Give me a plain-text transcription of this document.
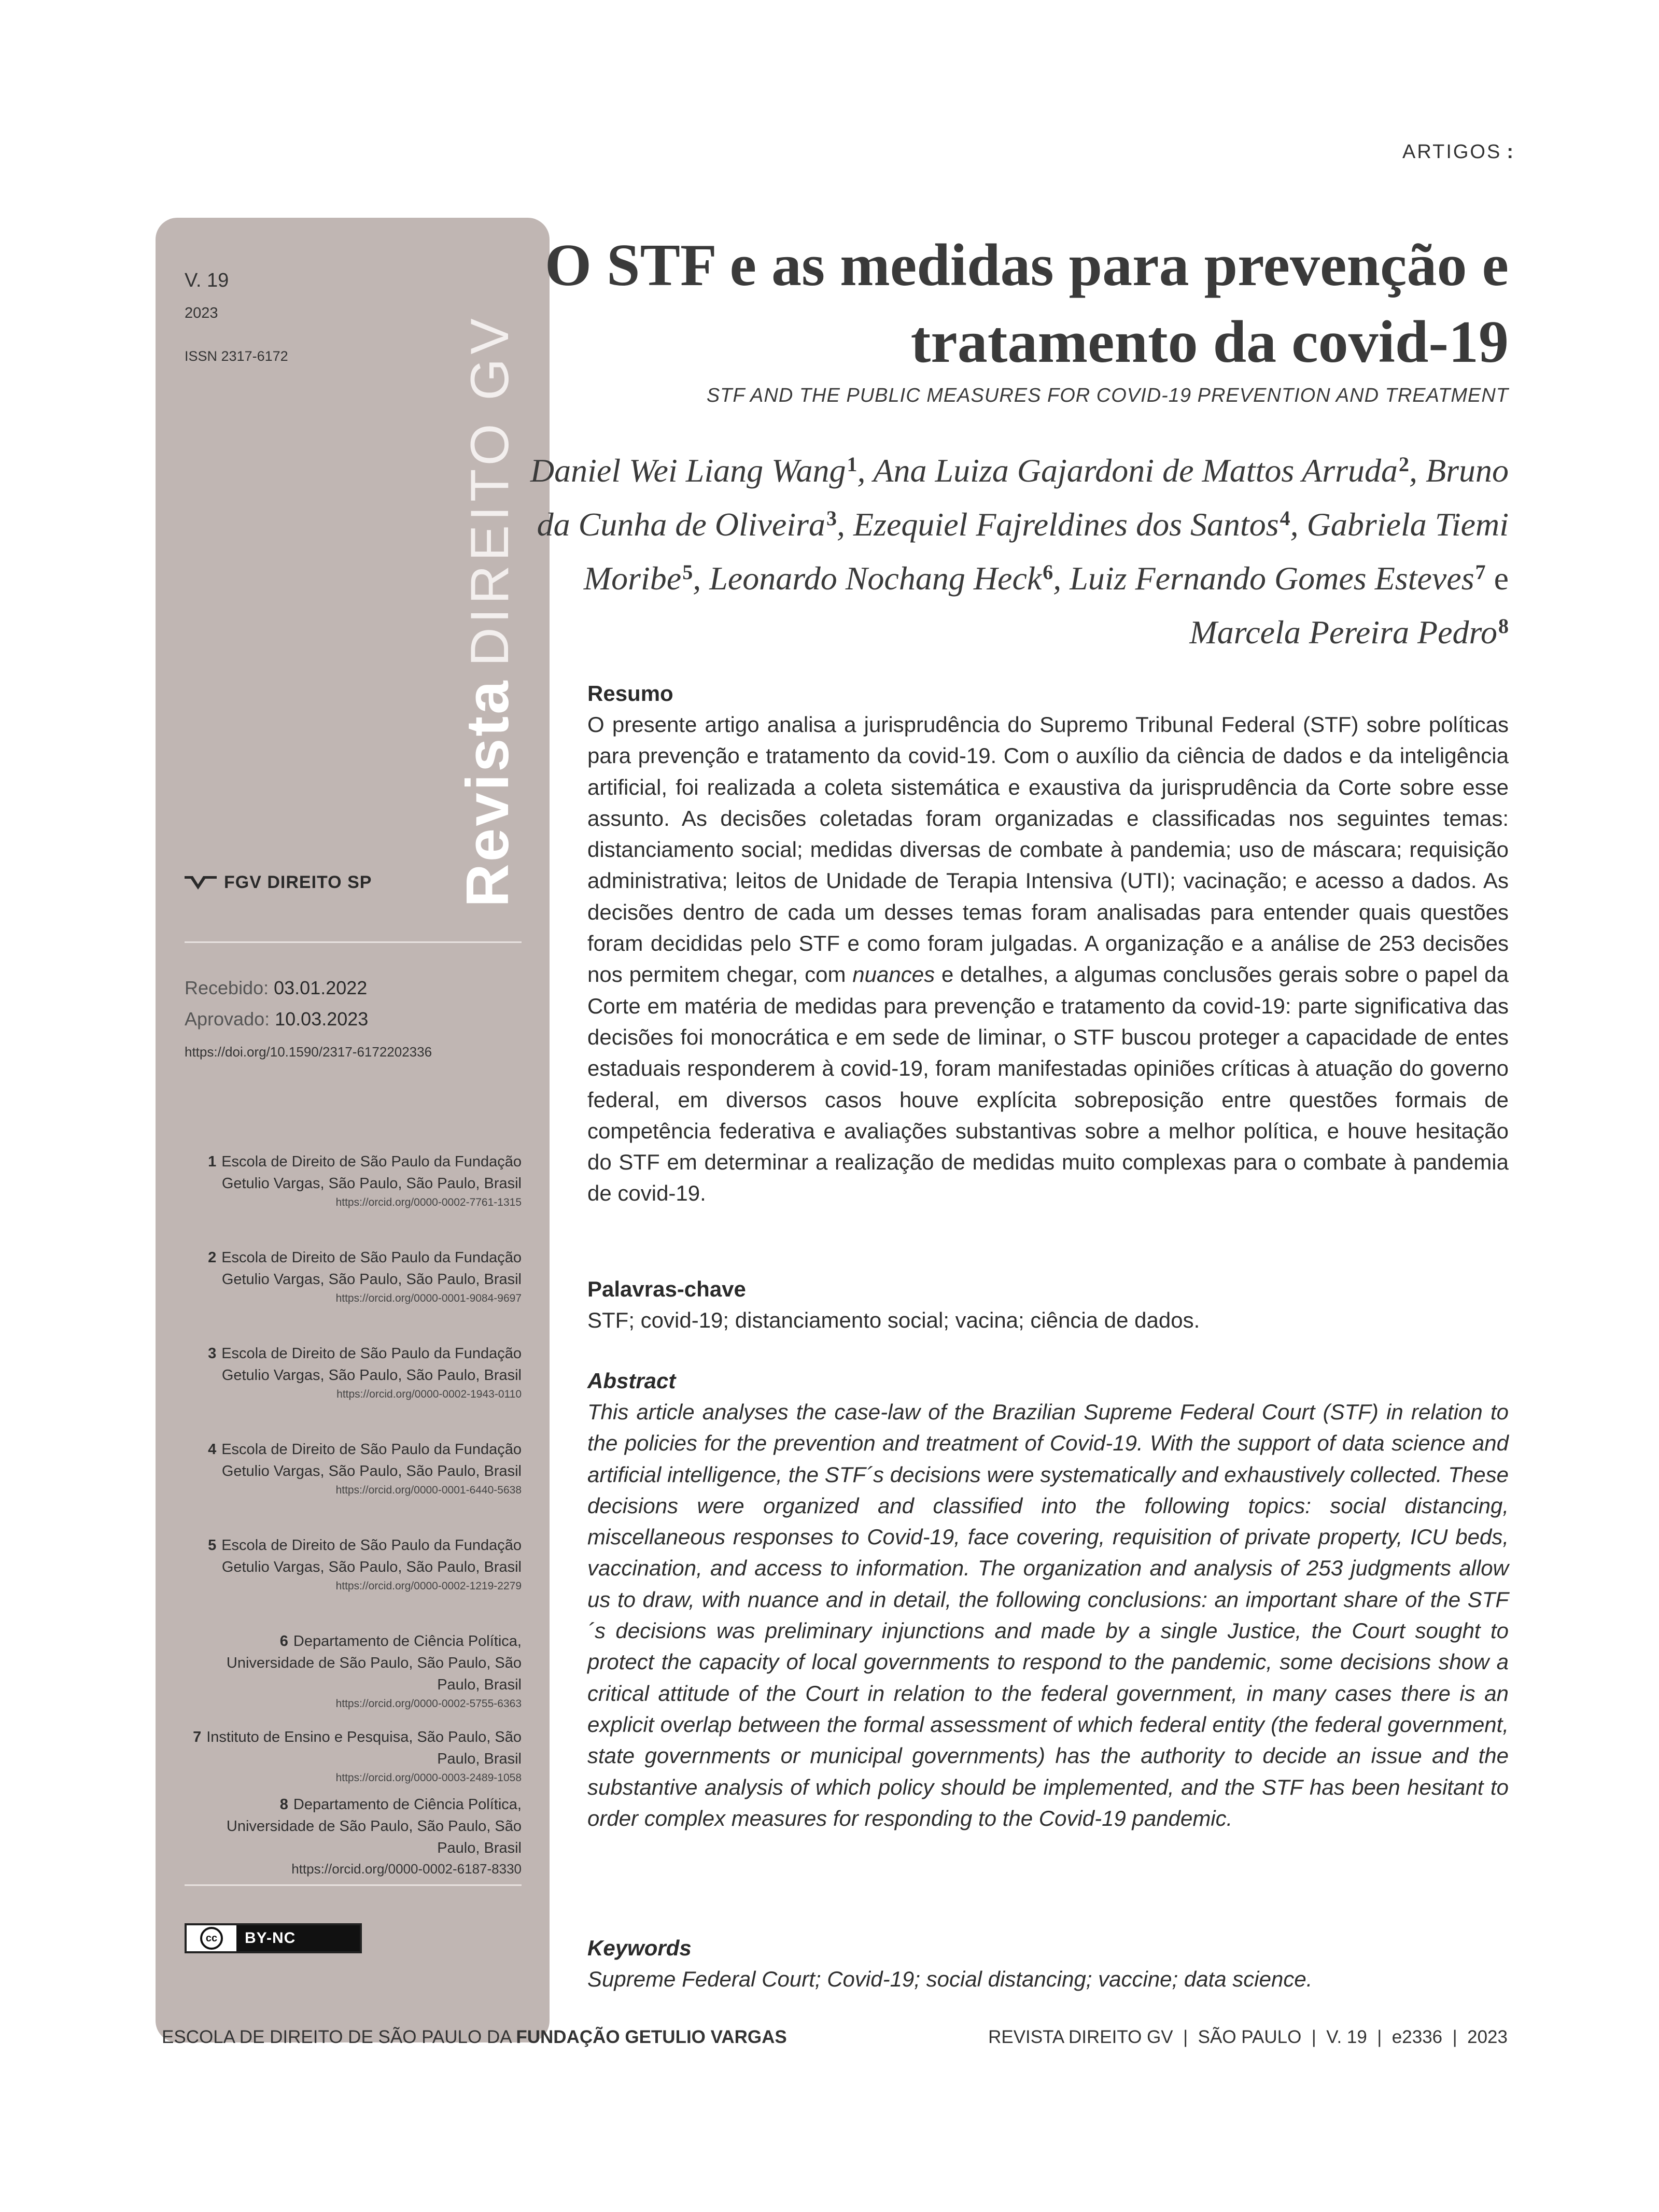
ARTIGOS :
V. 19
2023
ISSN 2317-6172
RevistaDIREITO GV
FGV DIREITO SP
Recebido: 03.01.2022
Aprovado: 10.03.2023
https://doi.org/10.1590/2317-6172202336
1 Escola de Direito de São Paulo da Fundação Getulio Vargas, São Paulo, São Paulo, Brasil
https://orcid.org/0000-0002-7761-1315
2 Escola de Direito de São Paulo da Fundação Getulio Vargas, São Paulo, São Paulo, Brasil
https://orcid.org/0000-0001-9084-9697
3 Escola de Direito de São Paulo da Fundação Getulio Vargas, São Paulo, São Paulo, Brasil
https://orcid.org/0000-0002-1943-0110
4 Escola de Direito de São Paulo da Fundação Getulio Vargas, São Paulo, São Paulo, Brasil
https://orcid.org/0000-0001-6440-5638
5 Escola de Direito de São Paulo da Fundação Getulio Vargas, São Paulo, São Paulo, Brasil
https://orcid.org/0000-0002-1219-2279
6 Departamento de Ciência Política, Universidade de São Paulo, São Paulo, São Paulo, Brasil
https://orcid.org/0000-0002-5755-6363
7 Instituto de Ensino e Pesquisa, São Paulo, São Paulo, Brasil
https://orcid.org/0000-0003-2489-1058
8 Departamento de Ciência Política, Universidade de São Paulo, São Paulo, São Paulo, Brasil
https://orcid.org/0000-0002-6187-8330
cc	BY-NC
O STF e as medidas para prevenção e tratamento da covid-19
STF AND THE PUBLIC MEASURES FOR COVID-19 PREVENTION AND TREATMENT
Daniel Wei Liang Wang$^1$, Ana Luiza Gajardoni de Mattos Arruda$^2$, Bruno da Cunha de Oliveira$^3$, Ezequiel Fajreldines dos Santos$^4$, Gabriela Tiemi Moribe$^5$, Leonardo Nochang Heck$^6$, Luiz Fernando Gomes Esteves$^7$ e Marcela Pereira Pedro$^8$
Resumo

O presente artigo analisa a jurisprudência do Supremo Tribunal Federal (STF) sobre políticas para prevenção e tratamento da covid-19. Com o auxílio da ciência de dados e da inteligência artificial, foi realizada a coleta sistemática e exaustiva da jurisprudência da Corte sobre esse assunto. As decisões coletadas foram organizadas e classificadas nos seguintes temas: distanciamento social; medidas diversas de combate à pandemia; uso de máscara; requisição administrativa; leitos de Unidade de Terapia Intensiva (UTI); vacinação; e acesso a dados. As decisões dentro de cada um desses temas foram analisadas para entender quais questões foram decididas pelo STF e como foram julgadas. A organização e a análise de 253 decisões nos permitem chegar, com nuances e detalhes, a algumas conclusões gerais sobre o papel da Corte em matéria de medidas para prevenção e tratamento da covid-19: parte significativa das decisões foi monocrática e em sede de liminar, o STF buscou proteger a capacidade de entes estaduais responderem à covid-19, foram manifestadas opiniões críticas à atuação do governo federal, em diversos casos houve explícita sobreposição entre questões formais de competência federativa e avaliações substantivas sobre a melhor política, e houve hesitação do STF em determinar a realização de medidas muito complexas para o combate à pandemia de covid-19.

Palavras-chave

STF; covid-19; distanciamento social; vacina; ciência de dados.

Abstract

This article analyses the case-law of the Brazilian Supreme Federal Court (STF) in relation to the policies for the prevention and treatment of Covid-19. With the support of data science and artificial intelligence, the STF´s decisions were systematically and exhaustively collected. These decisions were organized and classified into the following topics: social distancing, miscellaneous responses to Covid-19, face covering, requisition of private property, ICU beds, vaccination, and access to information. The organization and analysis of 253 judgments allow us to draw, with nuance and in detail, the following conclusions: an important share of the STF´s decisions was preliminary injunctions and made by a single Justice, the Court sought to protect the capacity of local governments to respond to the pandemic, some decisions show a critical attitude of the Court in relation to the federal government, in many cases there is an explicit overlap between the formal assessment of which federal entity (the federal government, state governments or municipal governments) has the authority to decide an issue and the substantive analysis of which policy should be implemented, and the STF has been hesitant to order complex measures for responding to the Covid-19 pandemic.

Keywords

Supreme Federal Court; Covid-19; social distancing; vaccine; data science.

ESCOLA DE DIREITO DE SÃO PAULO DA FUNDAÇÃO GETULIO VARGAS	REVISTA DIREITO GV  |  SÃO PAULO  |  V. 19  |  e2336  |  2023
